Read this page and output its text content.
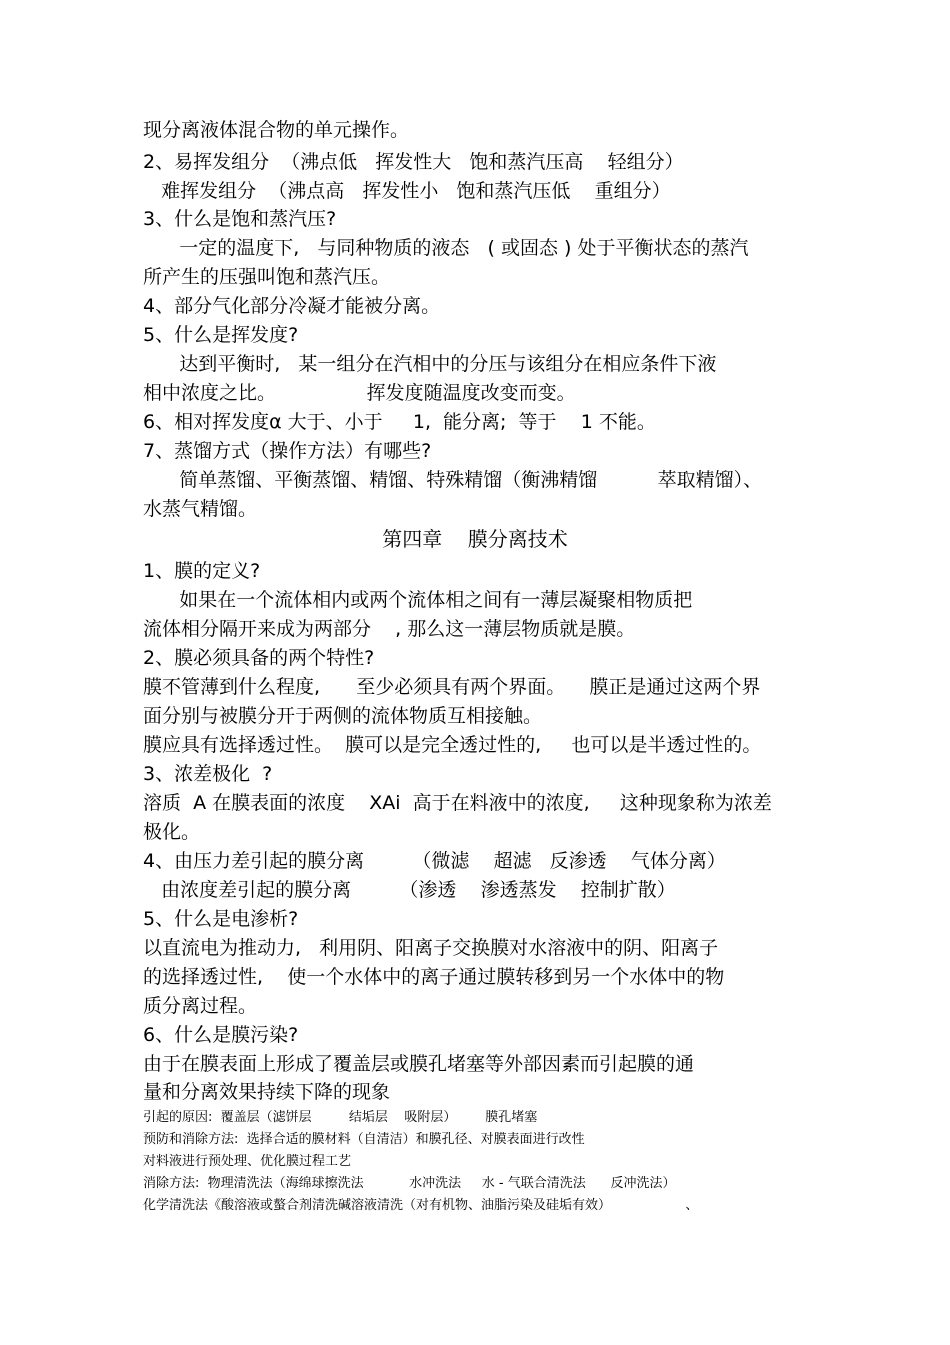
现分离液体混合物的单元操作。

2、易挥发组分  （沸点低   挥发性大   饱和蒸汽压高    轻组分）

难挥发组分  （沸点高   挥发性小   饱和蒸汽压低    重组分）

3、什么是饱和蒸汽压?

一定的温度下,   与同种物质的液态   ( 或固态 ) 处于平衡状态的蒸汽

所产生的压强叫饱和蒸汽压。

4、部分气化部分冷凝才能被分离。

5、什么是挥发度?

达到平衡时,   某一组分在汽相中的分压与该组分在相应条件下液

相中浓度之比。               挥发度随温度改变而变。

6、相对挥发度α 大于、小于     1,  能分离;  等于    1 不能。

7、蒸馏方式（操作方法）有哪些?

简单蒸馏、平衡蒸馏、精馏、特殊精馏（衡沸精馏          萃取精馏）、

水蒸气精馏。

第四章    膜分离技术

1、膜的定义?

如果在一个流体相内或两个流体相之间有一薄层凝聚相物质把

流体相分隔开来成为两部分    , 那么这一薄层物质就是膜。

2、膜必须具备的两个特性?

膜不管薄到什么程度,      至少必须具有两个界面。    膜正是通过这两个界

面分别与被膜分开于两侧的流体物质互相接触。

膜应具有选择透过性。  膜可以是完全透过性的,     也可以是半透过性的。

3、浓差极化  ?

溶质  A 在膜表面的浓度    XAi  高于在料液中的浓度,     这种现象称为浓差

极化。

4、由压力差引起的膜分离        （微滤    超滤   反渗透    气体分离）

由浓度差引起的膜分离        （渗透    渗透蒸发    控制扩散）

5、什么是电渗析?

以直流电为推动力,   利用阴、阳离子交换膜对水溶液中的阴、阳离子

的选择透过性,    使一个水体中的离子通过膜转移到另一个水体中的物

质分离过程。

6、什么是膜污染?

由于在膜表面上形成了覆盖层或膜孔堵塞等外部因素而引起膜的通

量和分离效果持续下降的现象

引起的原因:  覆盖层（滤饼层         结垢层    吸附层）       膜孔堵塞

预防和消除方法:  选择合适的膜材料（自清洁）和膜孔径、对膜表面进行改性

对料液进行预处理、优化膜过程工艺

消除方法:  物理清洗法（海绵球擦洗法           水冲洗法     水 - 气联合清洗法      反冲洗法）

化学清洗法《酸溶液或螯合剂清洗碱溶液清洗（对有机物、油脂污染及硅垢有效）                  、
